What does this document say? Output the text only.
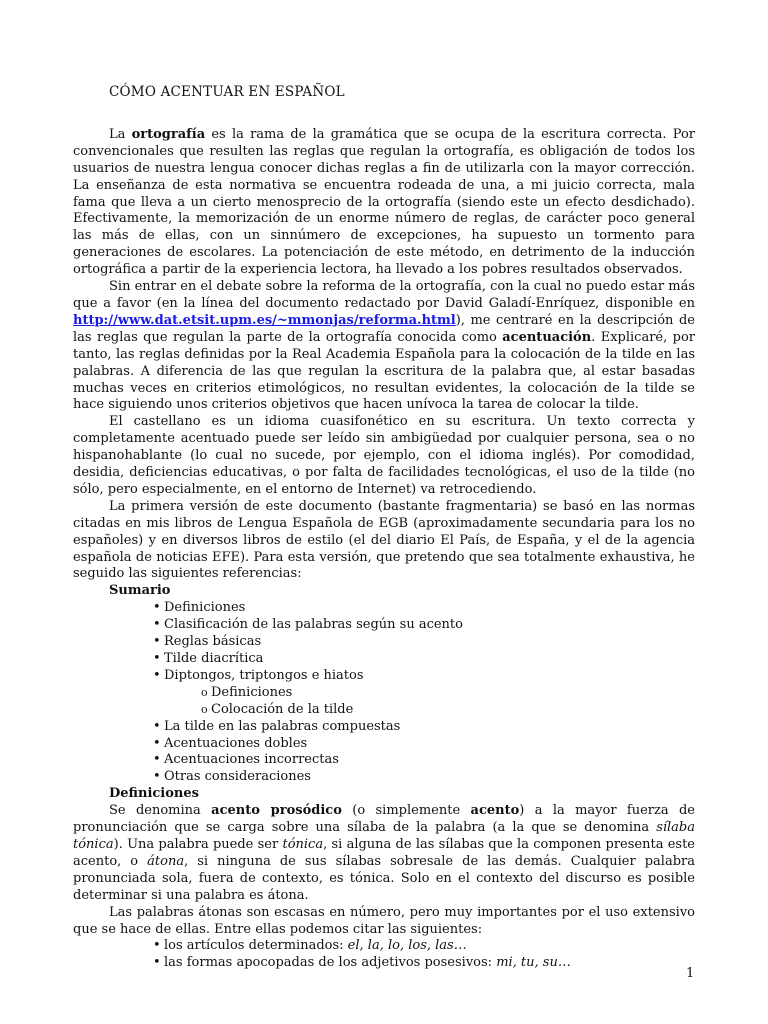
CÓMO ACENTUAR EN ESPAÑOL

La ortografía es la rama de la gramática que se ocupa de la escritura correcta. Por convencionales que resulten las reglas que regulan la ortografía, es obligación de todos los usuarios de nuestra lengua conocer dichas reglas a fin de utilizarla con la mayor corrección. La enseñanza de esta normativa se encuentra rodeada de una, a mi juicio correcta, mala fama que lleva a un cierto menosprecio de la ortografía (siendo este un efecto desdichado). Efectivamente, la memorización de un enorme número de reglas, de carácter poco general las más de ellas, con un sinnúmero de excepciones, ha supuesto un tormento para generaciones de escolares. La potenciación de este método, en detrimento de la inducción ortográfica a partir de la experiencia lectora, ha llevado a los pobres resultados observados.

Sin entrar en el debate sobre la reforma de la ortografía, con la cual no puedo estar más que a favor (en la línea del documento redactado por David Galadí-Enríquez, disponible en http://www.dat.etsit.upm.es/~mmonjas/reforma.html), me centraré en la descripción de las reglas que regulan la parte de la ortografía conocida como acentuación. Explicaré, por tanto, las reglas definidas por la Real Academia Española para la colocación de la tilde en las palabras. A diferencia de las que regulan la escritura de la palabra que, al estar basadas muchas veces en criterios etimológicos, no resultan evidentes, la colocación de la tilde se hace siguiendo unos criterios objetivos que hacen unívoca la tarea de colocar la tilde.

El castellano es un idioma cuasifonético en su escritura. Un texto correcta y completamente acentuado puede ser leído sin ambigüedad por cualquier persona, sea o no hispanohablante (lo cual no sucede, por ejemplo, con el idioma inglés). Por comodidad, desidia, deficiencias educativas, o por falta de facilidades tecnológicas, el uso de la tilde (no sólo, pero especialmente, en el entorno de Internet) va retrocediendo.

La primera versión de este documento (bastante fragmentaria) se basó en las normas citadas en mis libros de Lengua Española de EGB (aproximadamente secundaria para los no españoles) y en diversos libros de estilo (el del diario El País, de España, y el de la agencia española de noticias EFE). Para esta versión, que pretendo que sea totalmente exhaustiva, he seguido las siguientes referencias:

Sumario
• Definiciones
• Clasificación de las palabras según su acento
• Reglas básicas
• Tilde diacrítica
• Diptongos, triptongos e hiatos
o Definiciones
o Colocación de la tilde
• La tilde en las palabras compuestas
• Acentuaciones dobles
• Acentuaciones incorrectas
• Otras consideraciones
Definiciones

Se denomina acento prosódico (o simplemente acento) a la mayor fuerza de pronunciación que se carga sobre una sílaba de la palabra (a la que se denomina sílaba tónica). Una palabra puede ser tónica, si alguna de las sílabas que la componen presenta este acento, o átona, si ninguna de sus sílabas sobresale de las demás. Cualquier palabra pronunciada sola, fuera de contexto, es tónica. Solo en el contexto del discurso es posible determinar si una palabra es átona.

Las palabras átonas son escasas en número, pero muy importantes por el uso extensivo que se hace de ellas. Entre ellas podemos citar las siguientes:

• los artículos determinados: el, la, lo, los, las…
• las formas apocopadas de los adjetivos posesivos: mi, tu, su…
1
